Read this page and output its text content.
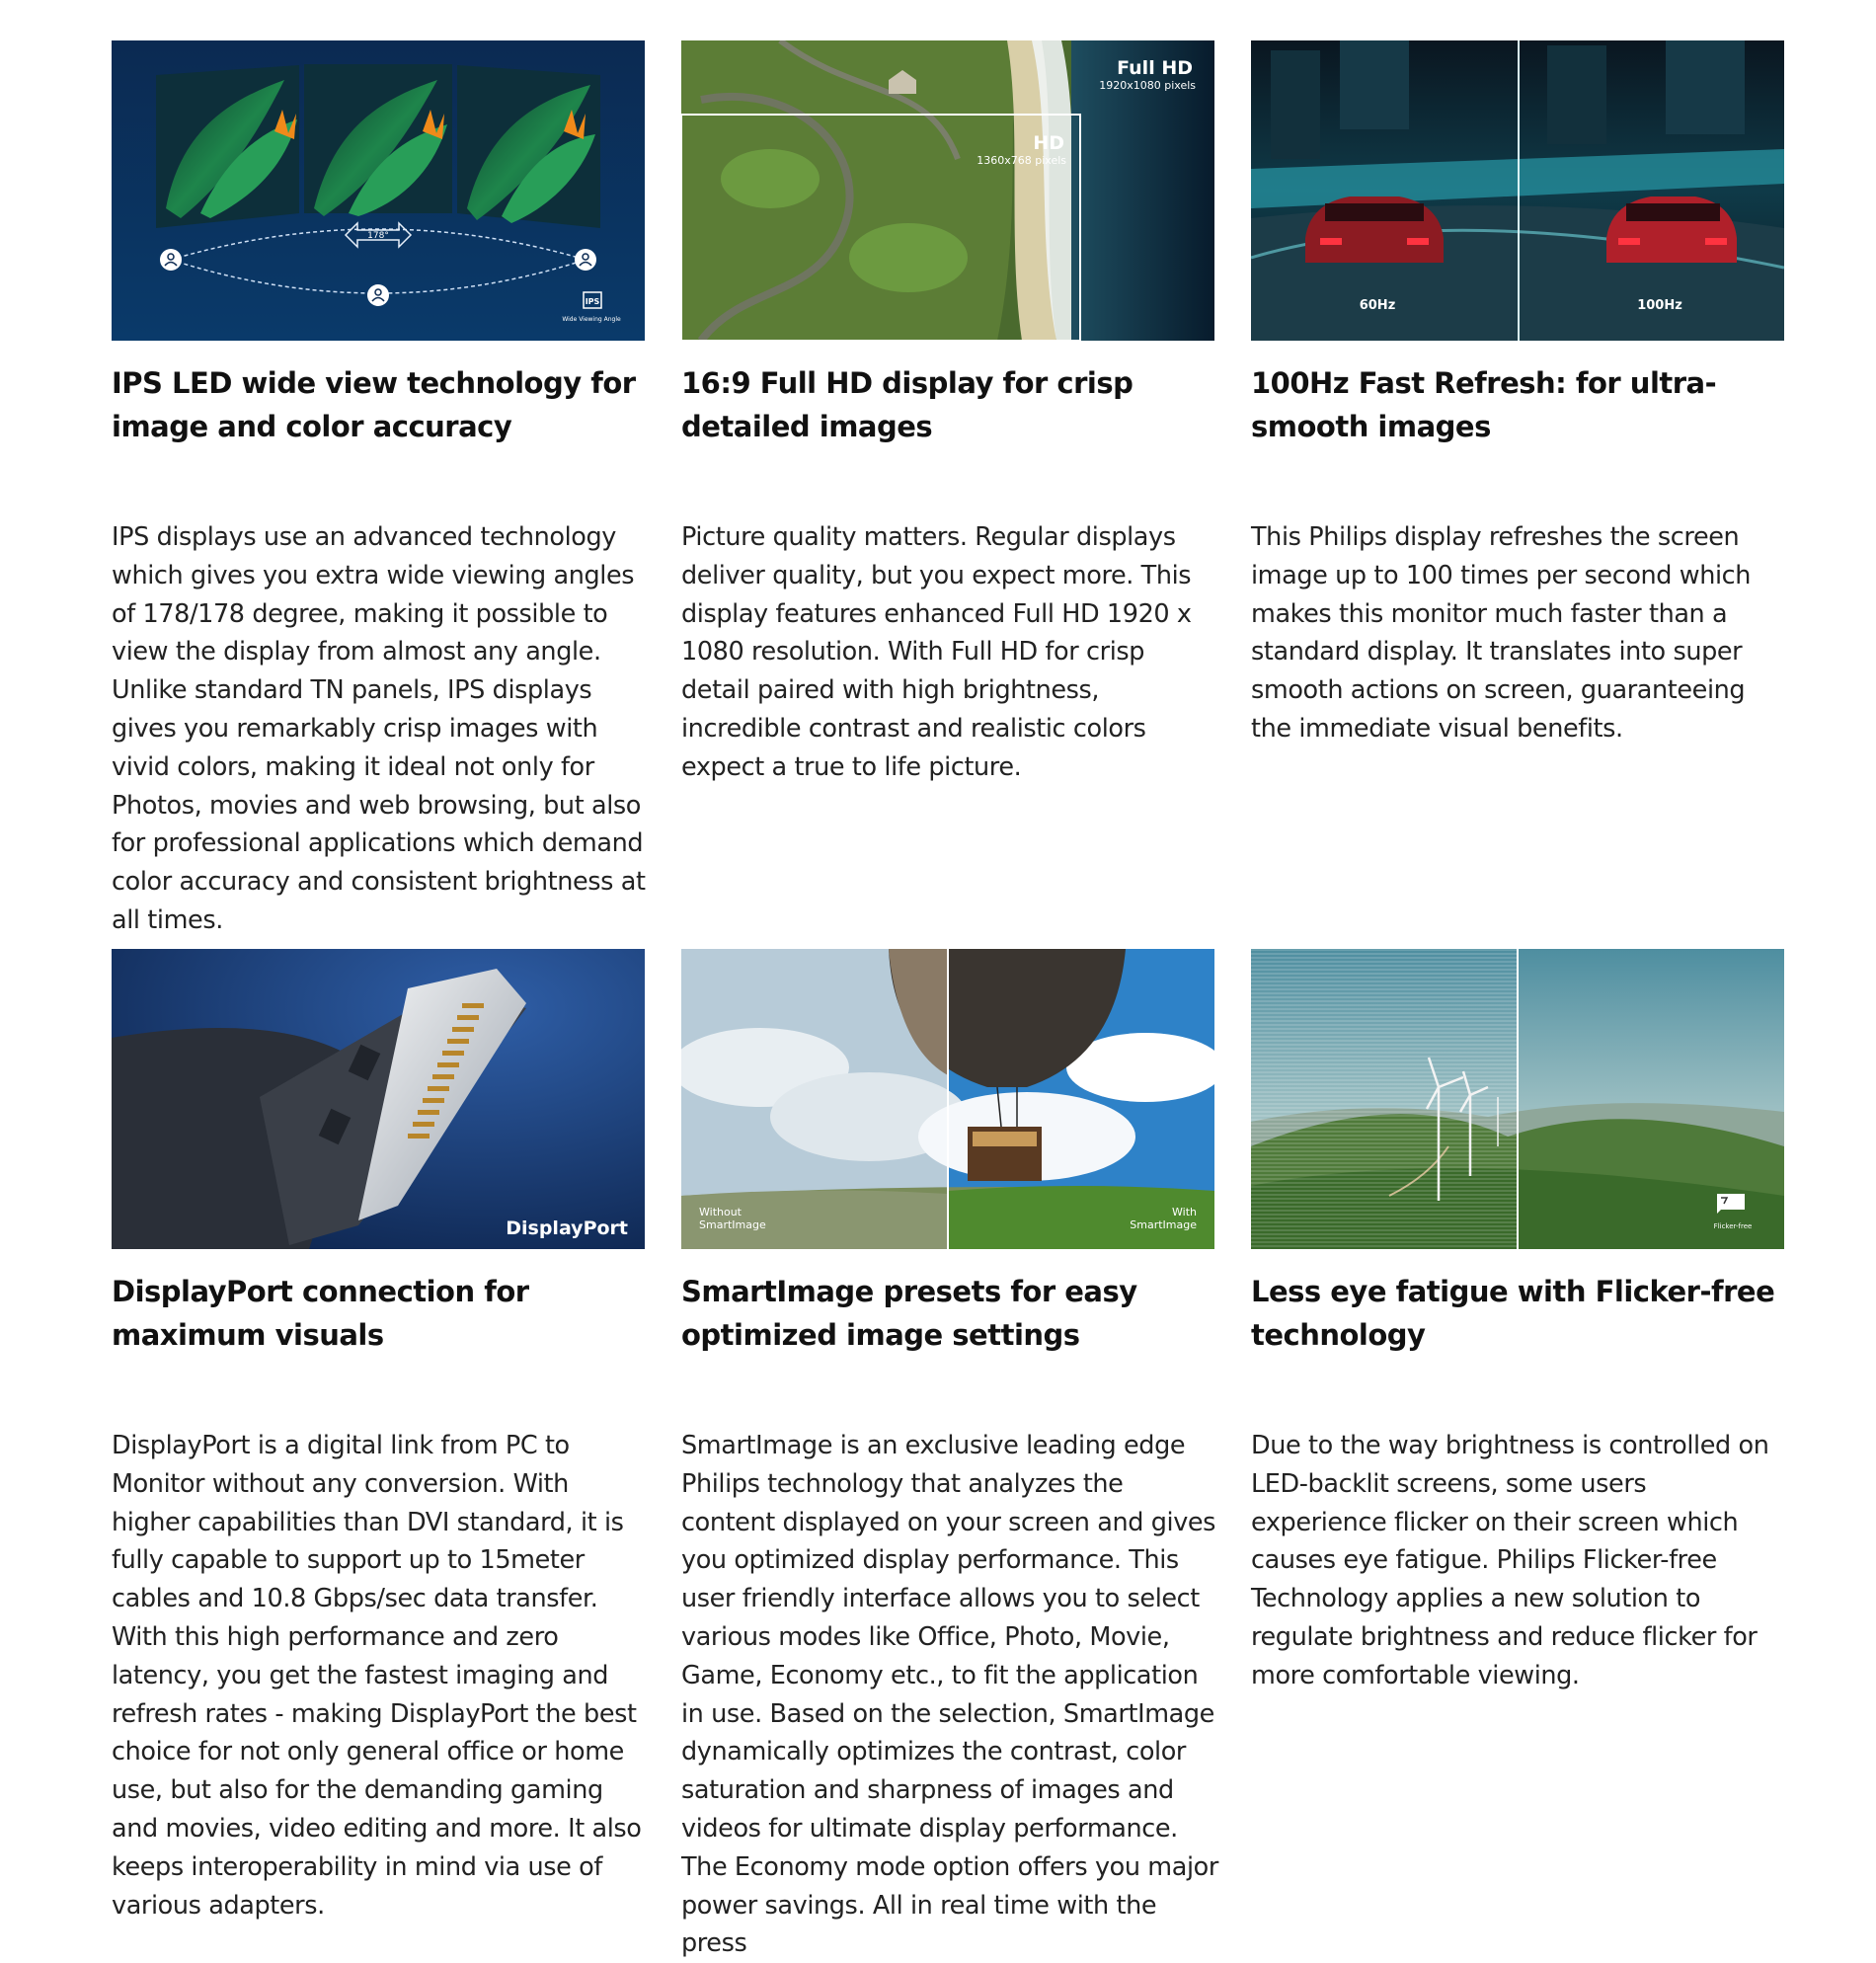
178°
IPS
Wide Viewing Angle
IPS LED wide view technology for image and color accuracy

IPS displays use an advanced technology which gives you extra wide viewing angles of 178/178 degree, making it possible to view the display from almost any angle. Unlike standard TN panels, IPS displays gives you remarkably crisp images with vivid colors, making it ideal not only for Photos, movies and web browsing, but also for professional applications which demand color accuracy and consistent brightness at all times.

Full HD
1920x1080 pixels
HD
1360x768 pixels
16:9 Full HD display for crisp detailed images

Picture quality matters. Regular displays deliver quality, but you expect more. This display features enhanced Full HD 1920 x 1080 resolution. With Full HD for crisp detail paired with high brightness, incredible contrast and realistic colors expect a true to life picture.

60Hz	100Hz
100Hz Fast Refresh: for ultra-smooth images

This Philips display refreshes the screen image up to 100 times per second which makes this monitor much faster than a standard display. It translates into super smooth actions on screen, guaranteeing the immediate visual benefits.

DisplayPort
DisplayPort connection for maximum visuals

DisplayPort is a digital link from PC to Monitor without any conversion. With higher capabilities than DVI standard, it is fully capable to support up to 15meter cables and 10.8 Gbps/sec data transfer. With this high performance and zero latency, you get the fastest imaging and refresh rates - making DisplayPort the best choice for not only general office or home use, but also for the demanding gaming and movies, video editing and more. It also keeps interoperability in mind via use of various adapters.

Without
SmartImage
With
SmartImage
SmartImage presets for easy optimized image settings

SmartImage is an exclusive leading edge Philips technology that analyzes the content displayed on your screen and gives you optimized display performance. This user friendly interface allows you to select various modes like Office, Photo, Movie, Game, Economy etc., to fit the application in use. Based on the selection, SmartImage dynamically optimizes the contrast, color saturation and sharpness of images and videos for ultimate display performance. The Economy mode option offers you major power savings. All in real time with the press

Flicker-free
Less eye fatigue with Flicker-free technology

Due to the way brightness is controlled on LED-backlit screens, some users experience flicker on their screen which causes eye fatigue. Philips Flicker-free Technology applies a new solution to regulate brightness and reduce flicker for more comfortable viewing.
